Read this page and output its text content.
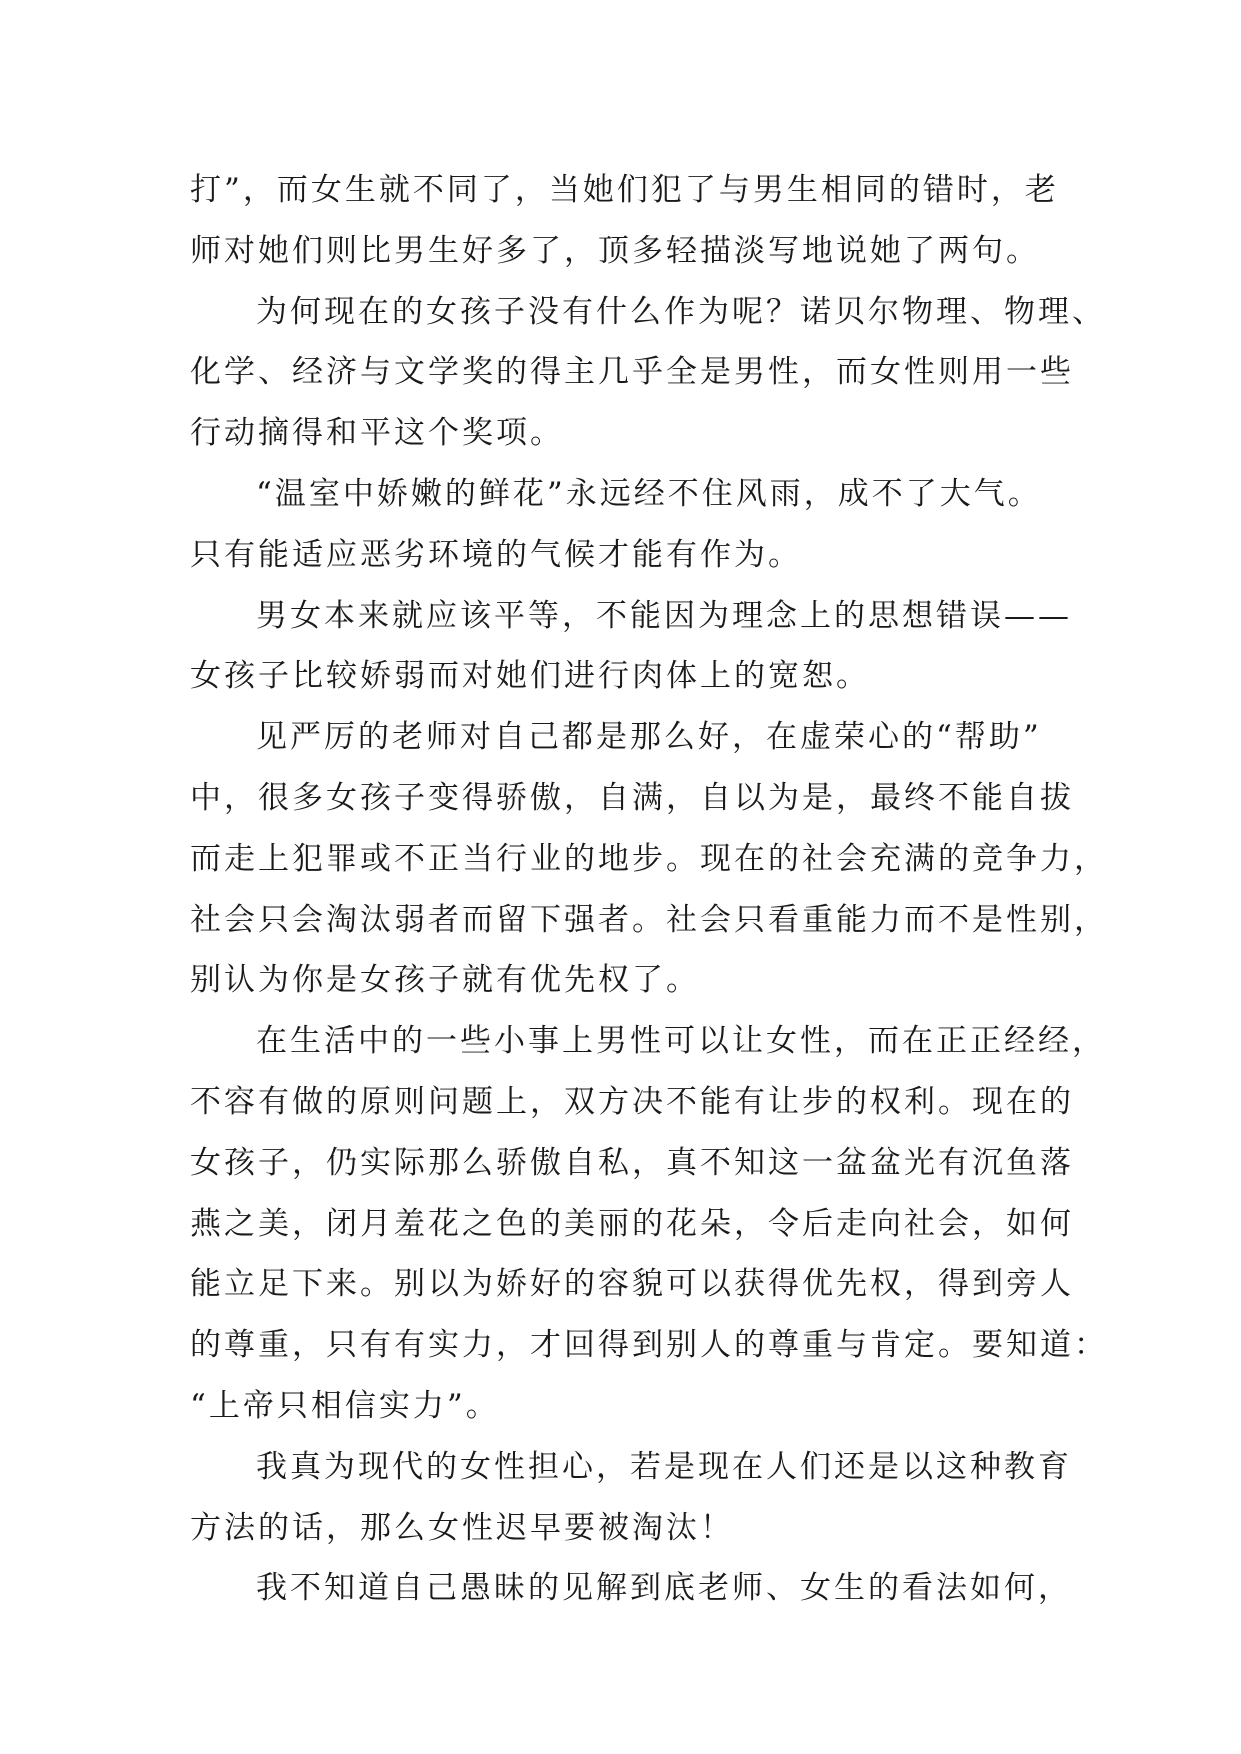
打”，而女生就不同了，当她们犯了与男生相同的错时，老
师对她们则比男生好多了，顶多轻描淡写地说她了两句。
为何现在的女孩子没有什么作为呢？诺贝尔物理、物理、
化学、经济与文学奖的得主几乎全是男性，而女性则用一些
行动摘得和平这个奖项。
“温室中娇嫩的鲜花”永远经不住风雨，成不了大气。
只有能适应恶劣环境的气候才能有作为。
男女本来就应该平等，不能因为理念上的思想错误——
女孩子比较娇弱而对她们进行肉体上的宽恕。
见严厉的老师对自己都是那么好，在虚荣心的“帮助”
中，很多女孩子变得骄傲，自满，自以为是，最终不能自拔
而走上犯罪或不正当行业的地步。现在的社会充满的竞争力，
社会只会淘汰弱者而留下强者。社会只看重能力而不是性别，
别认为你是女孩子就有优先权了。
在生活中的一些小事上男性可以让女性，而在正正经经，
不容有做的原则问题上，双方决不能有让步的权利。现在的
女孩子，仍实际那么骄傲自私，真不知这一盆盆光有沉鱼落
燕之美，闭月羞花之色的美丽的花朵，令后走向社会，如何
能立足下来。别以为娇好的容貌可以获得优先权，得到旁人
的尊重，只有有实力，才回得到别人的尊重与肯定。要知道：
“上帝只相信实力”。
我真为现代的女性担心，若是现在人们还是以这种教育
方法的话，那么女性迟早要被淘汰！
我不知道自己愚昧的见解到底老师、女生的看法如何，
